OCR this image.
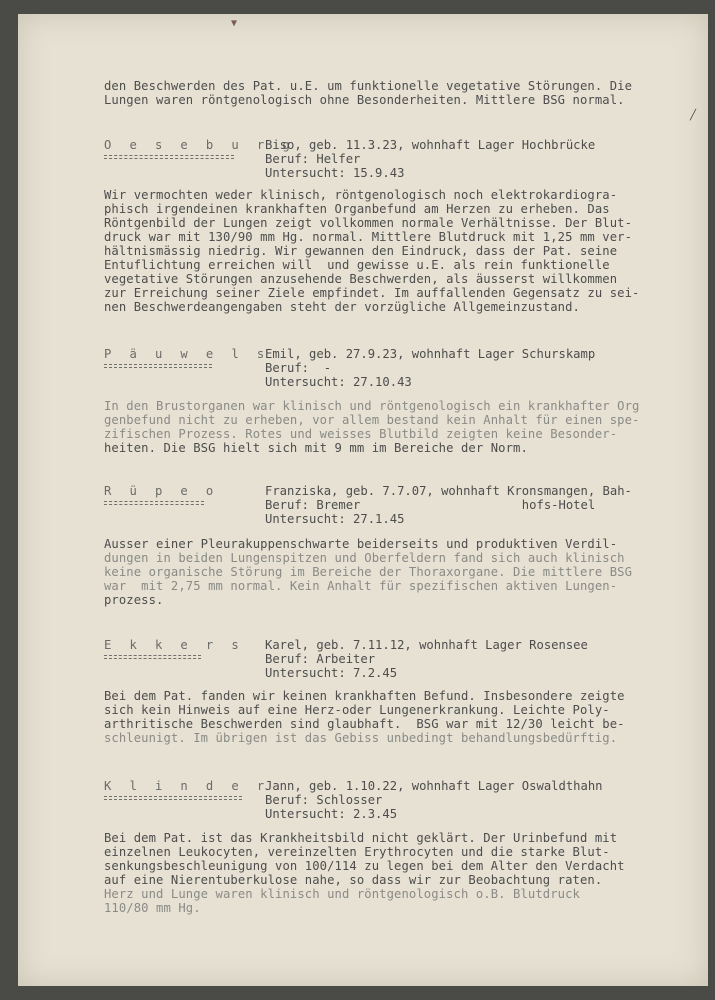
▼
╱
den Beschwerden des Pat. u.E. um funktionelle vegetative Störungen. Die
Lungen waren röntgenologisch ohne Besonderheiten. Mittlere BSG normal.
O e s e b u r g
Biso, geb. 11.3.23, wohnhaft Lager Hochbrücke
Beruf: Helfer
Untersucht: 15.9.43
Wir vermochten weder klinisch, röntgenologisch noch elektrokardiogra-
phisch irgendeinen krankhaften Organbefund am Herzen zu erheben. Das
Röntgenbild der Lungen zeigt vollkommen normale Verhältnisse. Der Blut-
druck war mit 130/90 mm Hg. normal. Mittlere Blutdruck mit 1,25 mm ver-
hältnismässig niedrig. Wir gewannen den Eindruck, dass der Pat. seine
Entuflichtung erreichen will  und gewisse u.E. als rein funktionelle
vegetative Störungen anzusehende Beschwerden, als äusserst willkommen
zur Erreichung seiner Ziele empfindet. Im auffallenden Gegensatz zu sei-
nen Beschwerdeangengaben steht der vorzügliche Allgemeinzustand.
P ä u w e l s
Emil, geb. 27.9.23, wohnhaft Lager Schurskamp
Beruf:  -
Untersucht: 27.10.43
In den Brustorganen war klinisch und röntgenologisch ein krankhafter Org
genbefund nicht zu erheben, vor allem bestand kein Anhalt für einen spe-
zifischen Prozess. Rotes und weisses Blutbild zeigten keine Besonder-
heiten. Die BSG hielt sich mit 9 mm im Bereiche der Norm.
R ü p e o	Franziska, geb. 7.7.07, wohnhaft Kronsmangen, Bah-
Beruf: Bremer                      hofs-Hotel
Untersucht: 27.1.45
Ausser einer Pleurakuppenschwarte beiderseits und produktiven Verdil-
dungen in beiden Lungenspitzen und Oberfeldern fand sich auch klinisch
keine organische Störung im Bereiche der Thoraxorgane. Die mittlere BSG
war  mit 2,75 mm normal. Kein Anhalt für spezifischen aktiven Lungen-
prozess.
E k k e r s Karel, geb. 7.11.12, wohnhaft Lager Rosensee
Beruf: Arbeiter
Untersucht: 7.2.45
Bei dem Pat. fanden wir keinen krankhaften Befund. Insbesondere zeigte
sich kein Hinweis auf eine Herz-oder Lungenerkrankung. Leichte Poly-
arthritische Beschwerden sind glaubhaft.  BSG war mit 12/30 leicht be-
schleunigt. Im übrigen ist das Gebiss unbedingt behandlungsbedürftig.
K l i n d e r
Jann, geb. 1.10.22, wohnhaft Lager Oswaldthahn
Beruf: Schlosser
Untersucht: 2.3.45
Bei dem Pat. ist das Krankheitsbild nicht geklärt. Der Urinbefund mit
einzelnen Leukocyten, vereinzelten Erythrocyten und die starke Blut-
senkungsbeschleunigung von 100/114 zu legen bei dem Alter den Verdacht
auf eine Nierentuberkulose nahe, so dass wir zur Beobachtung raten.
Herz und Lunge waren klinisch und röntgenologisch o.B. Blutdruck
110/80 mm Hg.
